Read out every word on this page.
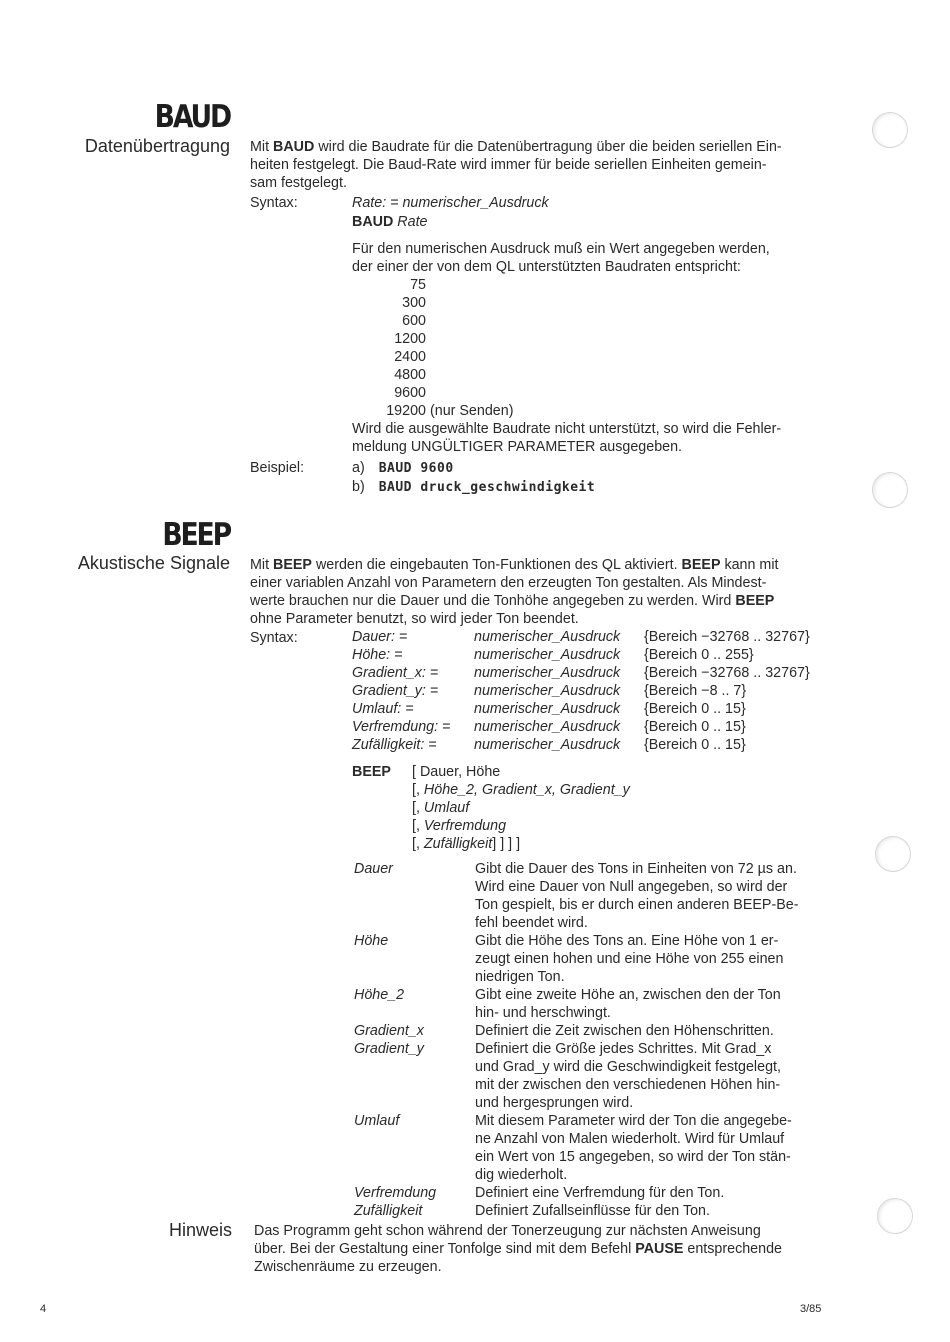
BAUD
Datenübertragung Mit BAUD wird die Baudrate für die Datenübertragung über die beiden seriellen Ein-
heiten festgelegt. Die Baud-Rate wird immer für beide seriellen Einheiten gemein-
sam festgelegt.
Syntax:	Rate: = numerischer_Ausdruck
BAUD Rate
Für den numerischen Ausdruck muß ein Wert angegeben werden,
der einer der von dem QL unterstützten Baudraten entspricht:
75
300
600
1200
2400
4800
9600
19200 (nur Senden)
Wird die ausgewählte Baudrate nicht unterstützt, so wird die Fehler-
meldung UNGÜLTIGER PARAMETER ausgegeben.
Beispiel:	a) BAUD 9600
b) BAUD druck_geschwindigkeit
BEEP
Akustische Signale Mit BEEP werden die eingebauten Ton-Funktionen des QL aktiviert. BEEP kann mit
einer variablen Anzahl von Parametern den erzeugten Ton gestalten. Als Mindest-
werte brauchen nur die Dauer und die Tonhöhe angegeben zu werden. Wird BEEP
ohne Parameter benutzt, so wird jeder Ton beendet.
Syntax:	Dauer: =	numerischer_Ausdruck {Bereich −32768 .. 32767}
Höhe: =	numerischer_Ausdruck {Bereich 0 .. 255}
Gradient_x: =	numerischer_Ausdruck {Bereich −32768 .. 32767}
Gradient_y: =	numerischer_Ausdruck {Bereich −8 .. 7}
Umlauf: =	numerischer_Ausdruck {Bereich 0 .. 15}
Verfremdung: = numerischer_Ausdruck {Bereich 0 .. 15}
Zufälligkeit: =	numerischer_Ausdruck {Bereich 0 .. 15}
BEEP [ Dauer, Höhe
[, Höhe_2, Gradient_x, Gradient_y
[, Umlauf
[, Verfremdung
[, Zufälligkeit] ] ] ]
Dauer	Gibt die Dauer des Tons in Einheiten von 72 µs an.
Wird eine Dauer von Null angegeben, so wird der
Ton gespielt, bis er durch einen anderen BEEP-Be-
fehl beendet wird.
Höhe	Gibt die Höhe des Tons an. Eine Höhe von 1 er-
zeugt einen hohen und eine Höhe von 255 einen
niedrigen Ton.
Höhe_2	Gibt eine zweite Höhe an, zwischen den der Ton
hin- und herschwingt.
Gradient_x	Definiert die Zeit zwischen den Höhenschritten.
Gradient_y	Definiert die Größe jedes Schrittes. Mit Grad_x
und Grad_y wird die Geschwindigkeit festgelegt,
mit der zwischen den verschiedenen Höhen hin-
und hergesprungen wird.
Umlauf	Mit diesem Parameter wird der Ton die angegebe-
ne Anzahl von Malen wiederholt. Wird für Umlauf
ein Wert von 15 angegeben, so wird der Ton stän-
dig wiederholt.
Verfremdung	Definiert eine Verfremdung für den Ton.
Zufälligkeit	Definiert Zufallseinflüsse für den Ton.
Hinweis Das Programm geht schon während der Tonerzeugung zur nächsten Anweisung
über. Bei der Gestaltung einer Tonfolge sind mit dem Befehl PAUSE entsprechende
Zwischenräume zu erzeugen.
4	3/85
